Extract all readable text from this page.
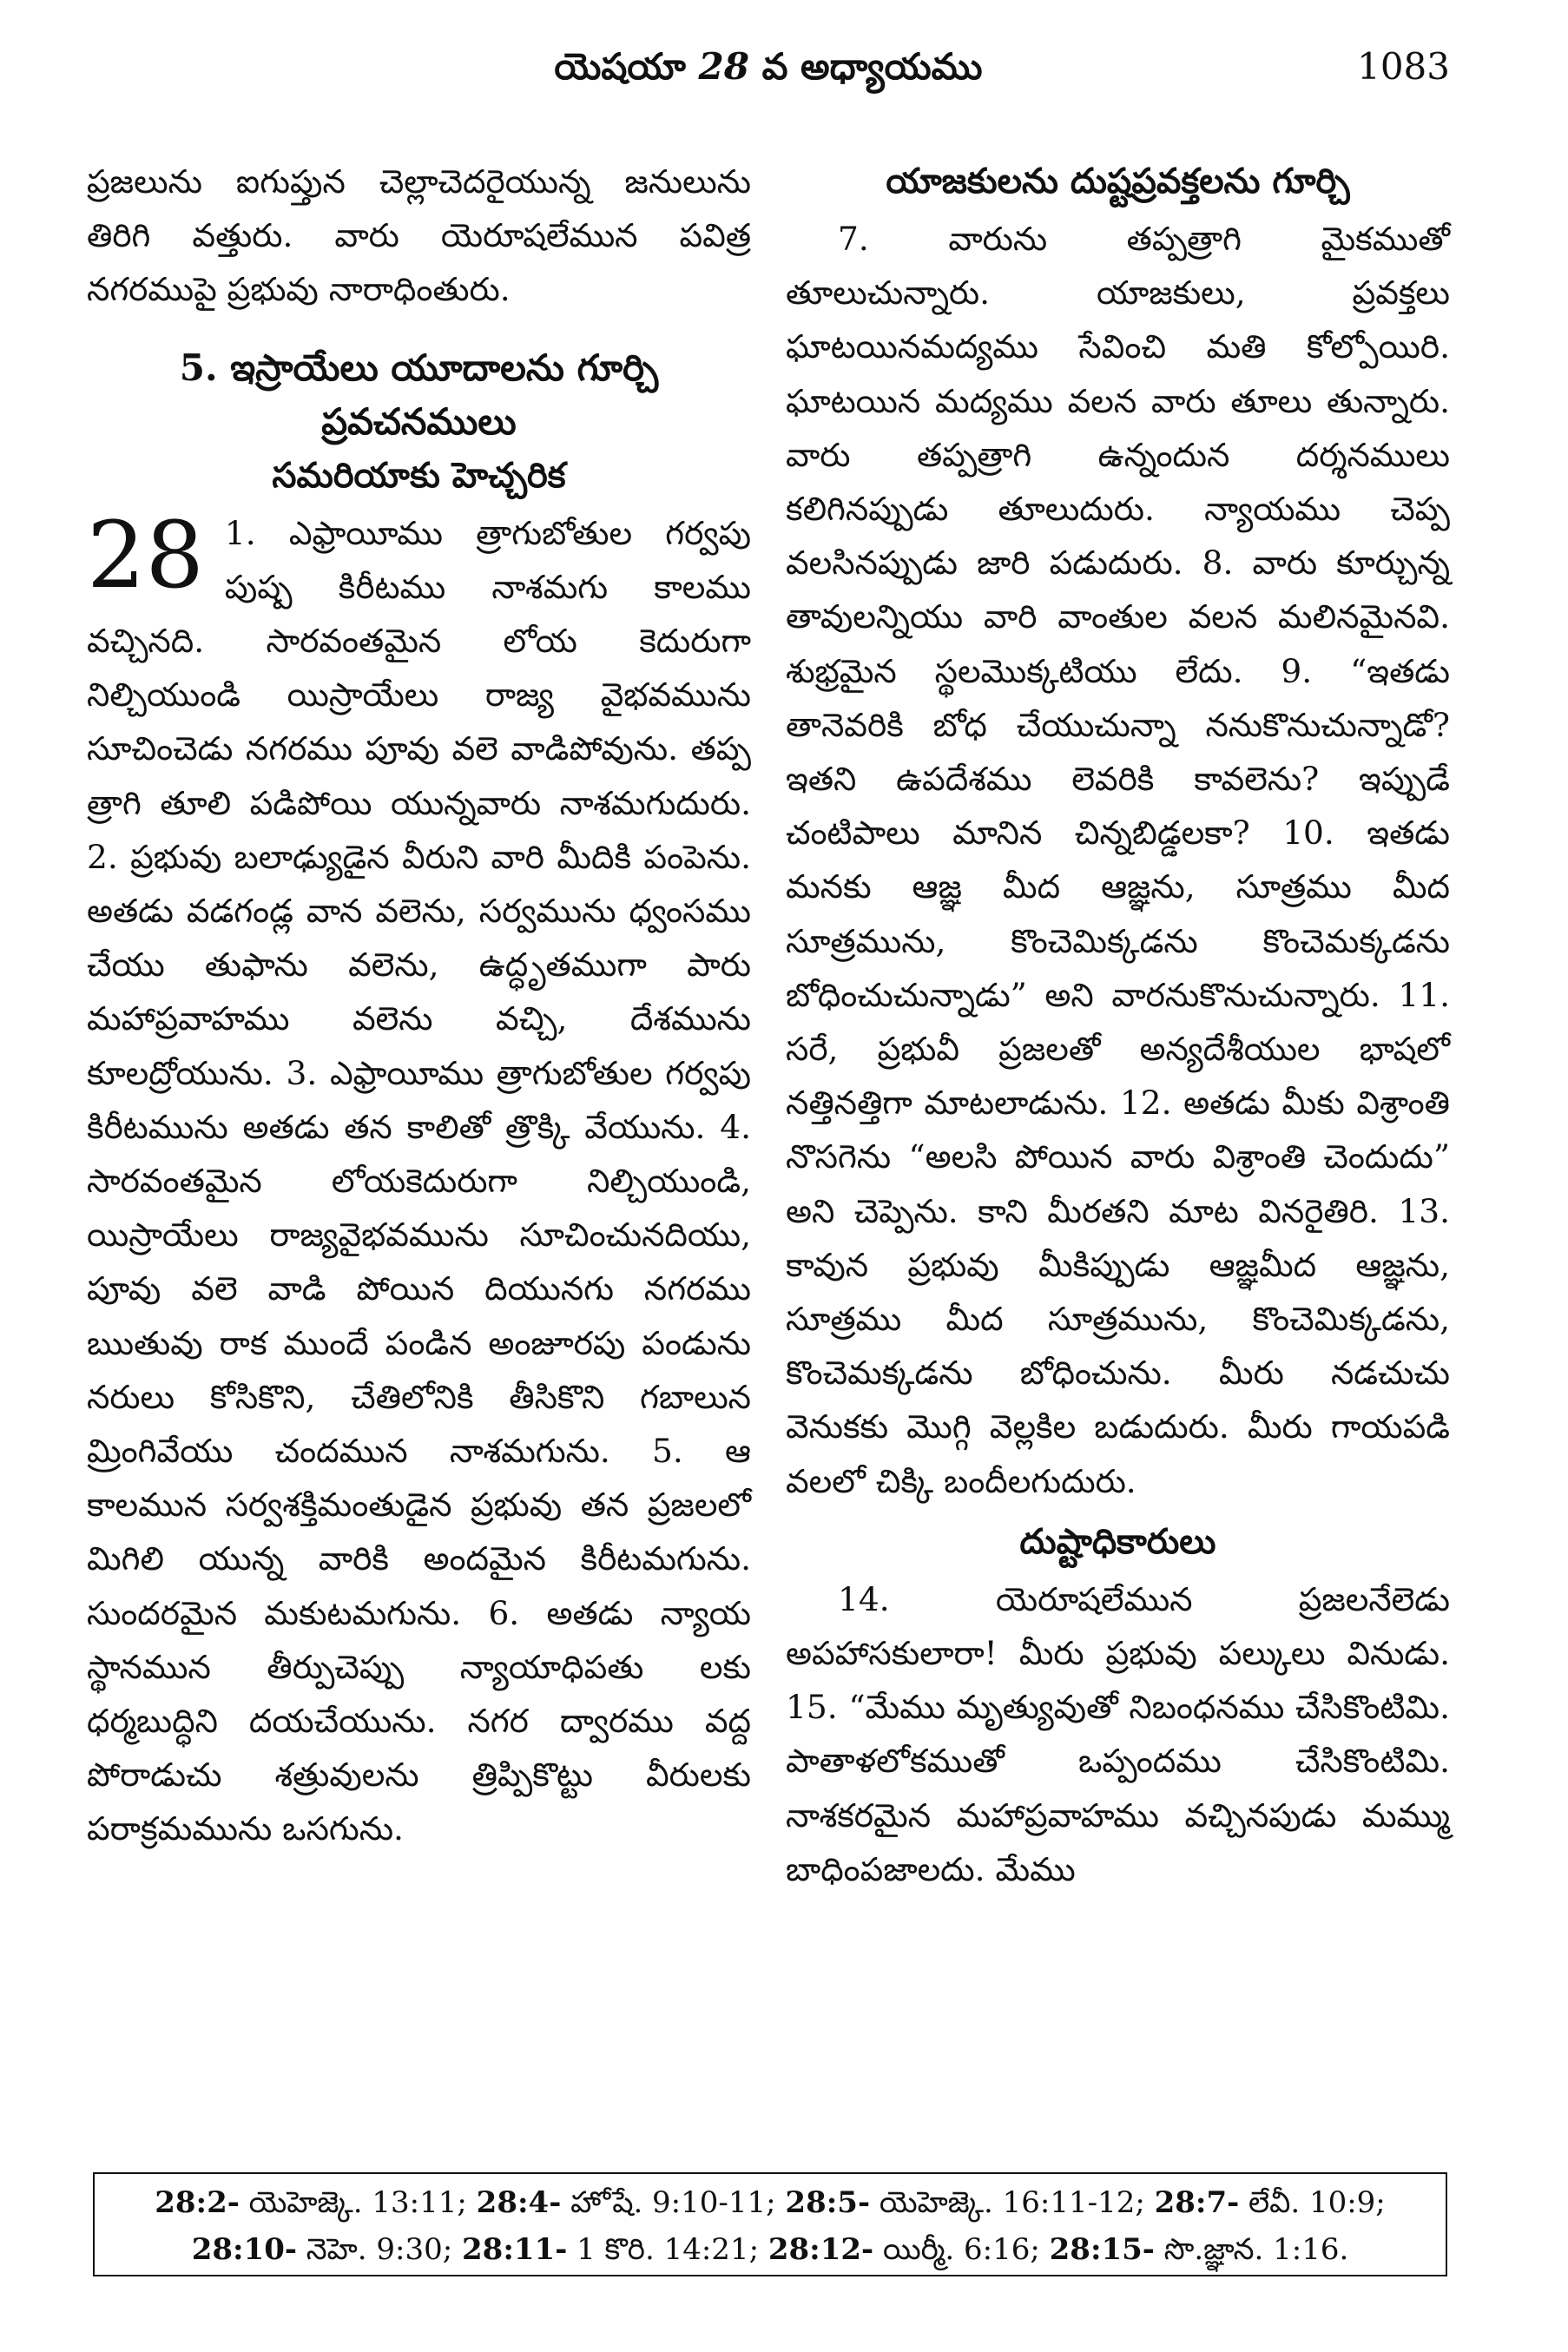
యెషయా 28 వ అధ్యాయము	1083

ప్రజలును ఐగుప్తున చెల్లాచెదరైయున్న జనులును తిరిగి వత్తురు. వారు యెరూషలేమున పవిత్ర నగరముపై ప్రభువు నారాధింతురు.

5. ఇస్రాయేలు యూదాలను గూర్చి
ప్రవచనములు
సమరియాకు హెచ్చరిక
28 1. ఎఫ్రాయీము త్రాగుబోతుల గర్వపు పుష్ప కిరీటము నాశమగు కాలము వచ్చినది. సారవంతమైన లోయ కెదురుగా నిల్చియుండి యిస్రాయేలు రాజ్య వైభవమును సూచించెడు నగరము పూవు వలె వాడిపోవును. తప్ప త్రాగి తూలి పడిపోయి యున్నవారు నాశమగుదురు. 2. ప్రభువు బలాఢ్యుడైన వీరుని వారి మీదికి పంపెను. అతడు వడగండ్ల వాన వలెను, సర్వమును ధ్వంసము చేయు తుఫాను వలెను, ఉద్ధృతముగా పారు మహాప్రవాహము వలెను వచ్చి, దేశమును కూలద్రోయును. 3. ఎఫ్రాయీము త్రాగుబోతుల గర్వపు కిరీటమును అతడు తన కాలితో త్రొక్కి వేయును. 4. సారవంతమైన లోయకెదురుగా నిల్చియుండి, యిస్రాయేలు రాజ్యవైభవమును సూచించునదియు, పూవు వలె వాడి పోయిన దియునగు నగరము ఋతువు రాక ముందే పండిన అంజూరపు పండును నరులు కోసికొని, చేతిలోనికి తీసికొని గబాలున మ్రింగివేయు చందమున నాశమగును. 5. ఆ కాలమున సర్వశక్తిమంతుడైన ప్రభువు తన ప్రజలలో మిగిలి యున్న వారికి అందమైన కిరీటమగును. సుందరమైన మకుటమగును. 6. అతడు న్యాయ స్థానమున తీర్పుచెప్పు న్యాయాధిపతు లకు ధర్మబుద్ధిని దయచేయును. నగర ద్వారము వద్ద పోరాడుచు శత్రువులను త్రిప్పికొట్టు వీరులకు పరాక్రమమును ఒసగును.

యాజకులను దుష్టప్రవక్తలను గూర్చి

7. వారును తప్పత్రాగి మైకముతో తూలుచున్నారు. యాజకులు, ప్రవక్తలు ఘాటయినమద్యము సేవించి మతి కోల్పోయిరి. ఘాటయిన మద్యము వలన వారు తూలు తున్నారు. వారు తప్పత్రాగి ఉన్నందున దర్శనములు కలిగినప్పుడు తూలుదురు. న్యాయము చెప్ప వలసినప్పుడు జారి పడుదురు. 8. వారు కూర్చున్న తావులన్నియు వారి వాంతుల వలన మలినమైనవి. శుభ్రమైన స్థలమొక్కటియు లేదు. 9. “ఇతడు తానెవరికి బోధ చేయుచున్నా ననుకొనుచున్నాడో? ఇతని ఉపదేశము లెవరికి కావలెను? ఇప్పుడే చంటిపాలు మానిన చిన్నబిడ్డలకా? 10. ఇతడు మనకు ఆజ్ఞ మీద ఆజ్ఞను, సూత్రము మీద సూత్రమును, కొంచెమిక్కడను కొంచెమక్కడను బోధించుచున్నాడు” అని వారనుకొనుచున్నారు. 11. సరే, ప్రభువీ ప్రజలతో అన్యదేశీయుల భాషలో నత్తినత్తిగా మాటలాడును. 12. అతడు మీకు విశ్రాంతి నొసగెను “అలసి పోయిన వారు విశ్రాంతి చెందుదు” అని చెప్పెను. కాని మీరతని మాట వినరైతిరి. 13. కావున ప్రభువు మీకిప్పుడు ఆజ్ఞమీద ఆజ్ఞను, సూత్రము మీద సూత్రమును, కొంచెమిక్కడను, కొంచెమక్కడను బోధించును. మీరు నడచుచు వెనుకకు మొగ్గి వెల్లకిల బడుదురు. మీరు గాయపడి వలలో చిక్కి బందీలగుదురు.

దుష్టాధికారులు

14. యెరూషలేమున ప్రజలనేలెడు అపహాసకులారా! మీరు ప్రభువు పల్కులు వినుడు. 15. “మేము మృత్యువుతో నిబంధనము చేసికొంటిమి. పాతాళలోకముతో ఒప్పందము చేసికొంటిమి. నాశకరమైన మహాప్రవాహము వచ్చినపుడు మమ్ము బాధింపజాలదు. మేము

28:2- యెహెజ్కె. 13:11; 28:4- హోషే. 9:10-11; 28:5- యెహెజ్కె. 16:11-12; 28:7- లేవీ. 10:9;
28:10- నెహె. 9:30; 28:11- 1 కొరి. 14:21; 28:12- యిర్మీ. 6:16; 28:15- సొ.జ్ఞాన. 1:16.
